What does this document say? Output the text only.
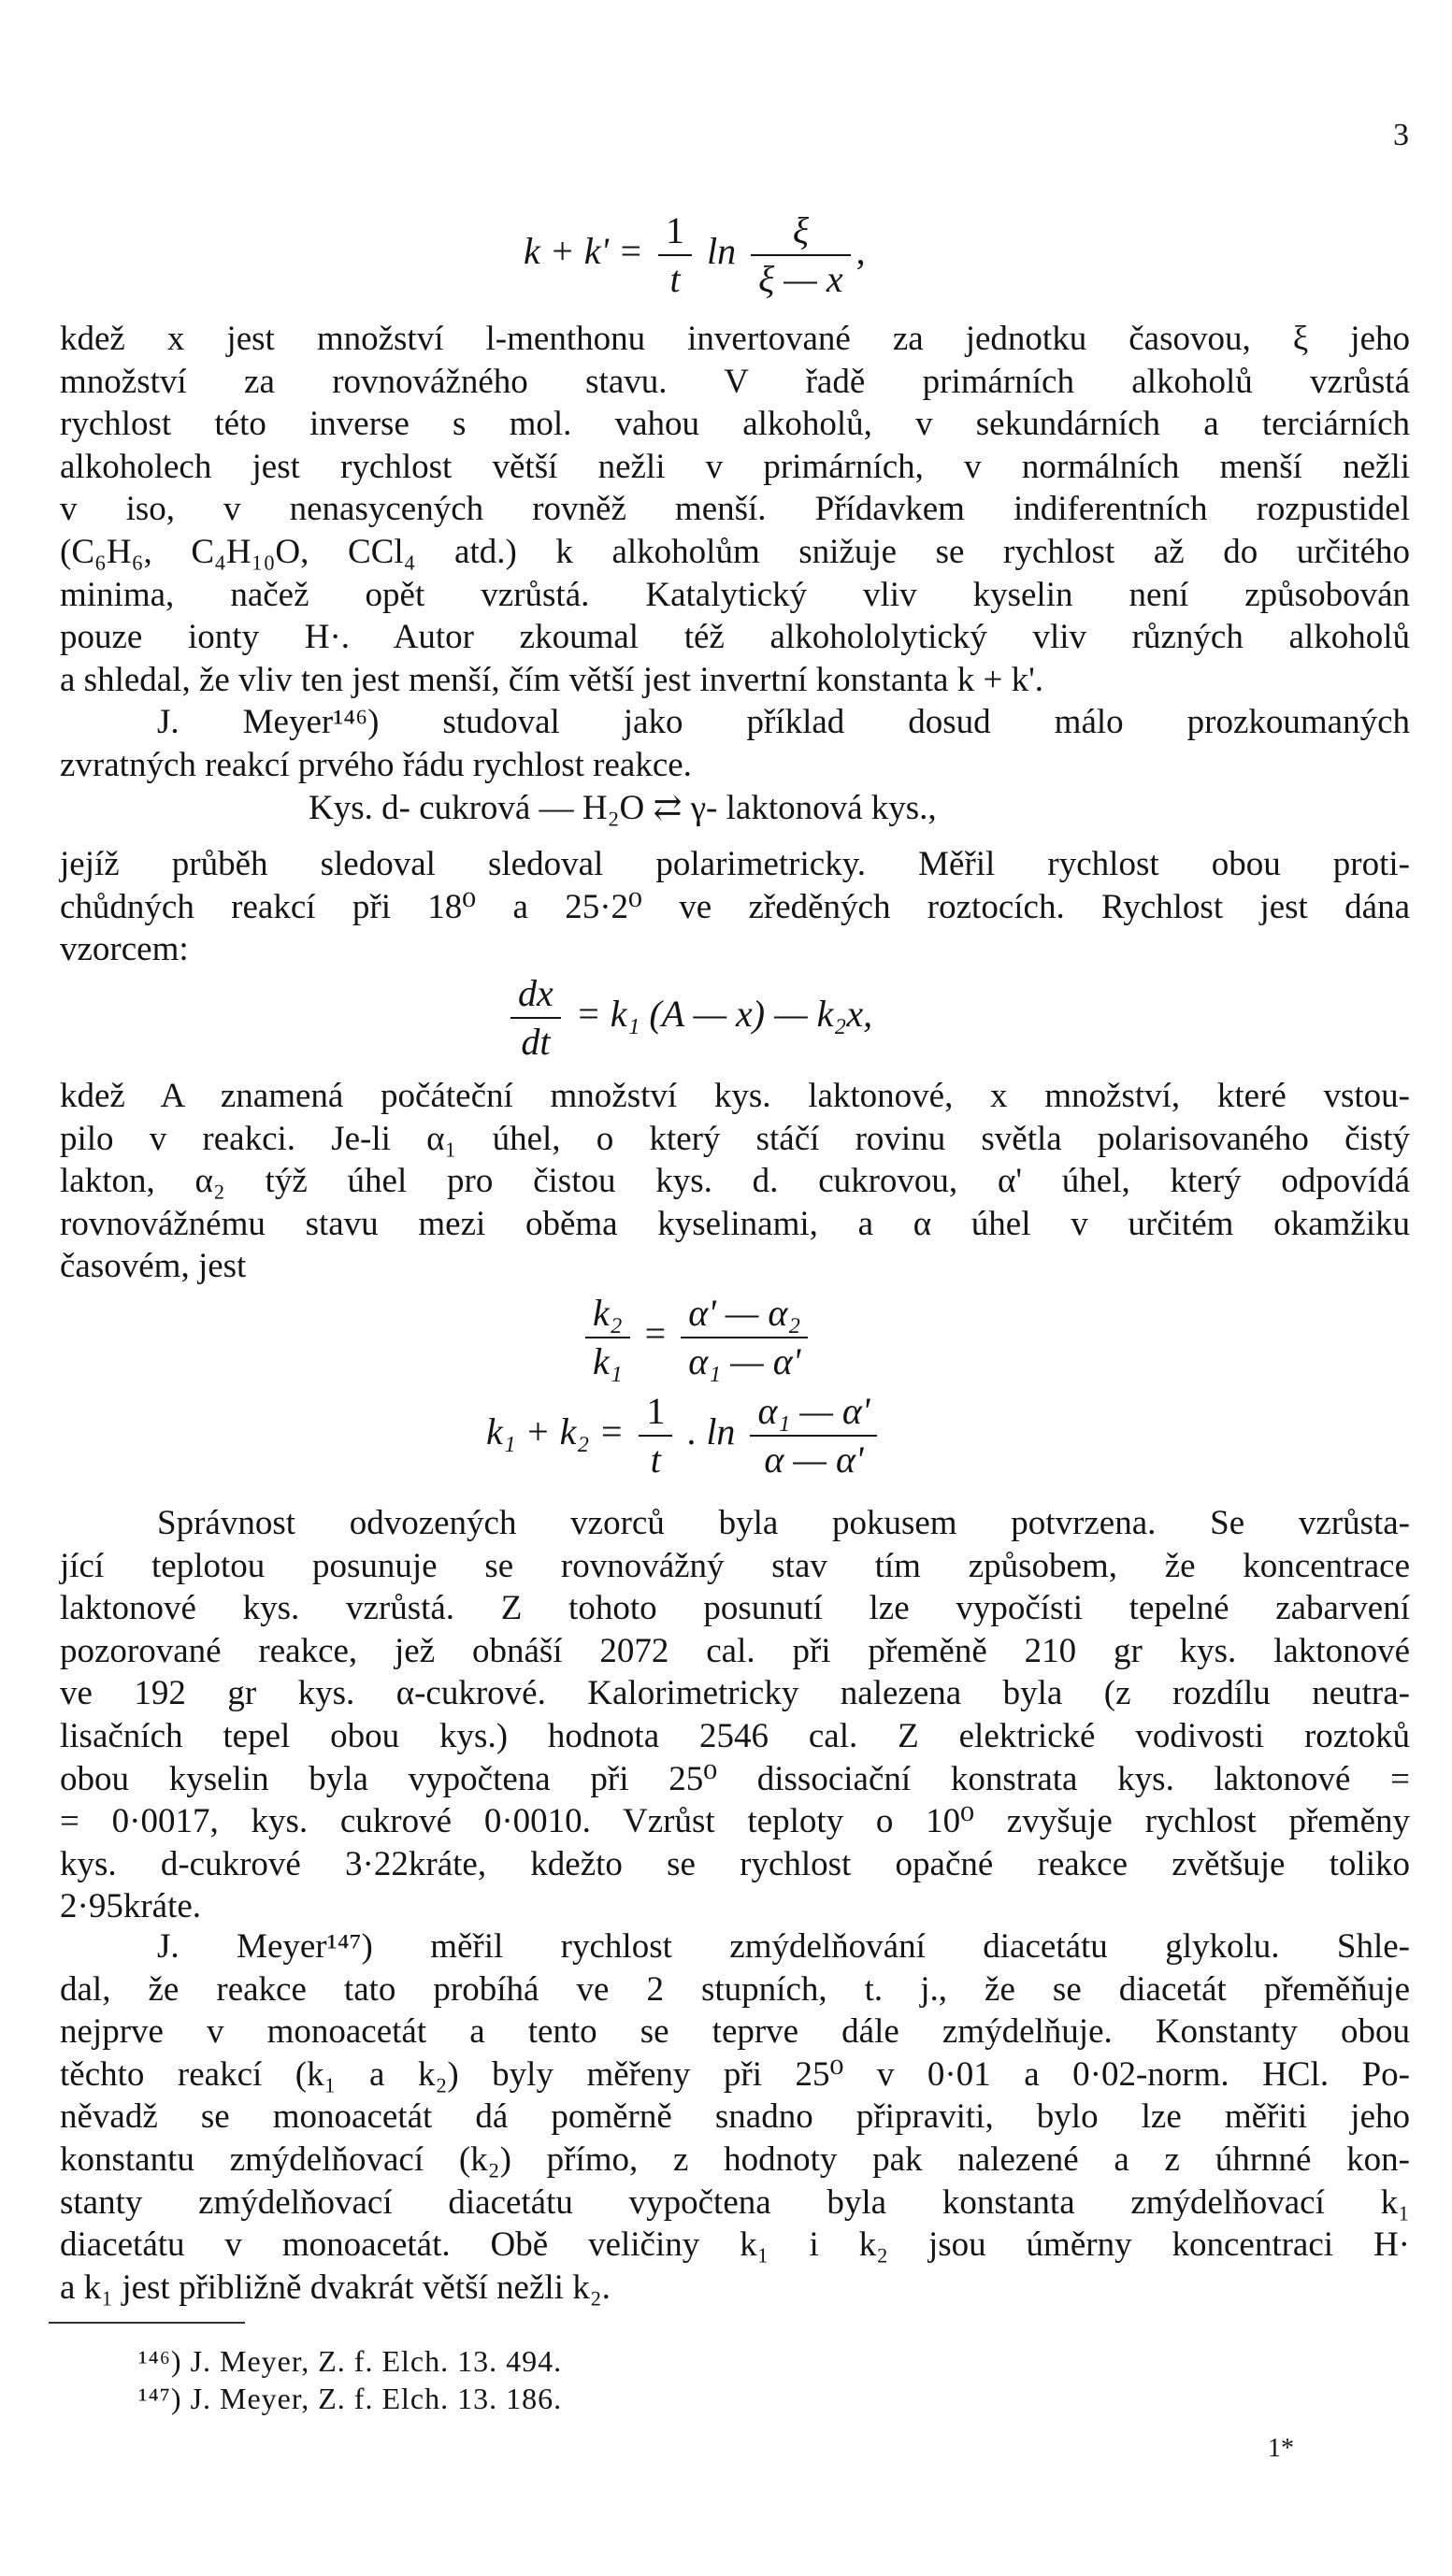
3
$k + k' = \frac{1}{t}$ $\ln \frac{\xi}{\xi — x}$ ,
kdež x jest množství l-menthonu invertované za jednotku časovou, ξ jeho
množství za rovnovážného stavu. V řadě primárních alkoholů vzrůstá
rychlost této inverse s mol. vahou alkoholů, v sekundárních a terciárních
alkoholech jest rychlost větší nežli v primárních, v normálních menší nežli
v iso, v nenasycených rovněž menší. Přídavkem indiferentních rozpustidel
(C₆H₆, C₄H₁₀O, CCl₄ atd.) k alkoholům snižuje se rychlost až do určitého
minima, načež opět vzrůstá. Katalytický vliv kyselin není způsobován
pouze ionty H·. Autor zkoumal též alkohololytický vliv různých alkoholů
a shledal, že vliv ten jest menší, čím větší jest invertní konstanta k + k'.
J. Meyer¹⁴⁶) studoval jako příklad dosud málo prozkoumaných
zvratných reakcí prvého řádu rychlost reakce.
Kys. d- cukrová — H₂O ⇄ γ- laktonová kys.,
jejíž průběh sledoval sledoval polarimetricky. Měřil rychlost obou proti-
chůdných reakcí při 18⁰ a 25·2⁰ ve zředěných roztocích. Rychlost jest dána
vzorcem:
$\frac{dx}{dt} = k_1$ (A — x) — k₂x,
kdež A znamená počáteční množství kys. laktonové, x množství, které vstou-
pilo v reakci. Je-li α₁ úhel, o který stáčí rovinu světla polarisovaného čistý
lakton, α₂ týž úhel pro čistou kys. d. cukrovou, α' úhel, který odpovídá
rovnovážnému stavu mezi oběma kyselinami, a α úhel v určitém okamžiku
časovém, jest
$\frac{\text{k₂}}{\text{k₁}} = \frac{\text{α' — α₂}}{\text{α₁ — α'}}$
$k_1 + k_2 = \frac{1}{t}$ . $\ln \frac{\text{α₁ — α'}}{\alpha — \alpha'}$
Správnost odvozených vzorců byla pokusem potvrzena. Se vzrůsta-
jící teplotou posunuje se rovnovážný stav tím způsobem, že koncentrace
laktonové kys. vzrůstá. Z tohoto posunutí lze vypočísti tepelné zabarvení
pozorované reakce, jež obnáší 2072 cal. při přeměně 210 gr kys. laktonové
ve 192 gr kys. α-cukrové. Kalorimetricky nalezena byla (z rozdílu neutra-
lisačních tepel obou kys.) hodnota 2546 cal. Z elektrické vodivosti roztoků
obou kyselin byla vypočtena při 25⁰ dissociační konstrata kys. laktonové =
= 0·0017, kys. cukrové 0·0010. Vzrůst teploty o 10⁰ zvyšuje rychlost přeměny
kys. d-cukrové 3·22kráte, kdežto se rychlost opačné reakce zvětšuje toliko
2·95kráte.
J. Meyer¹⁴⁷) měřil rychlost zmýdelňování diacetátu glykolu. Shle-
dal, že reakce tato probíhá ve 2 stupních, t. j., že se diacetát přeměňuje
nejprve v monoacetát a tento se teprve dále zmýdelňuje. Konstanty obou
těchto reakcí (k₁ a k₂) byly měřeny při 25⁰ v 0·01 a 0·02-norm. HCl. Po-
něvadž se monoacetát dá poměrně snadno připraviti, bylo lze měřiti jeho
konstantu zmýdelňovací (k₂) přímo, z hodnoty pak nalezené a z úhrnné kon-
stanty zmýdelňovací diacetátu vypočtena byla konstanta zmýdelňovací k₁
diacetátu v monoacetát. Obě veličiny k₁ i k₂ jsou úměrny koncentraci H·
a k₁ jest přibližně dvakrát větší nežli k₂.
¹⁴⁶) J. Meyer, Z. f. Elch. 13. 494.
¹⁴⁷) J. Meyer, Z. f. Elch. 13. 186.
1*
